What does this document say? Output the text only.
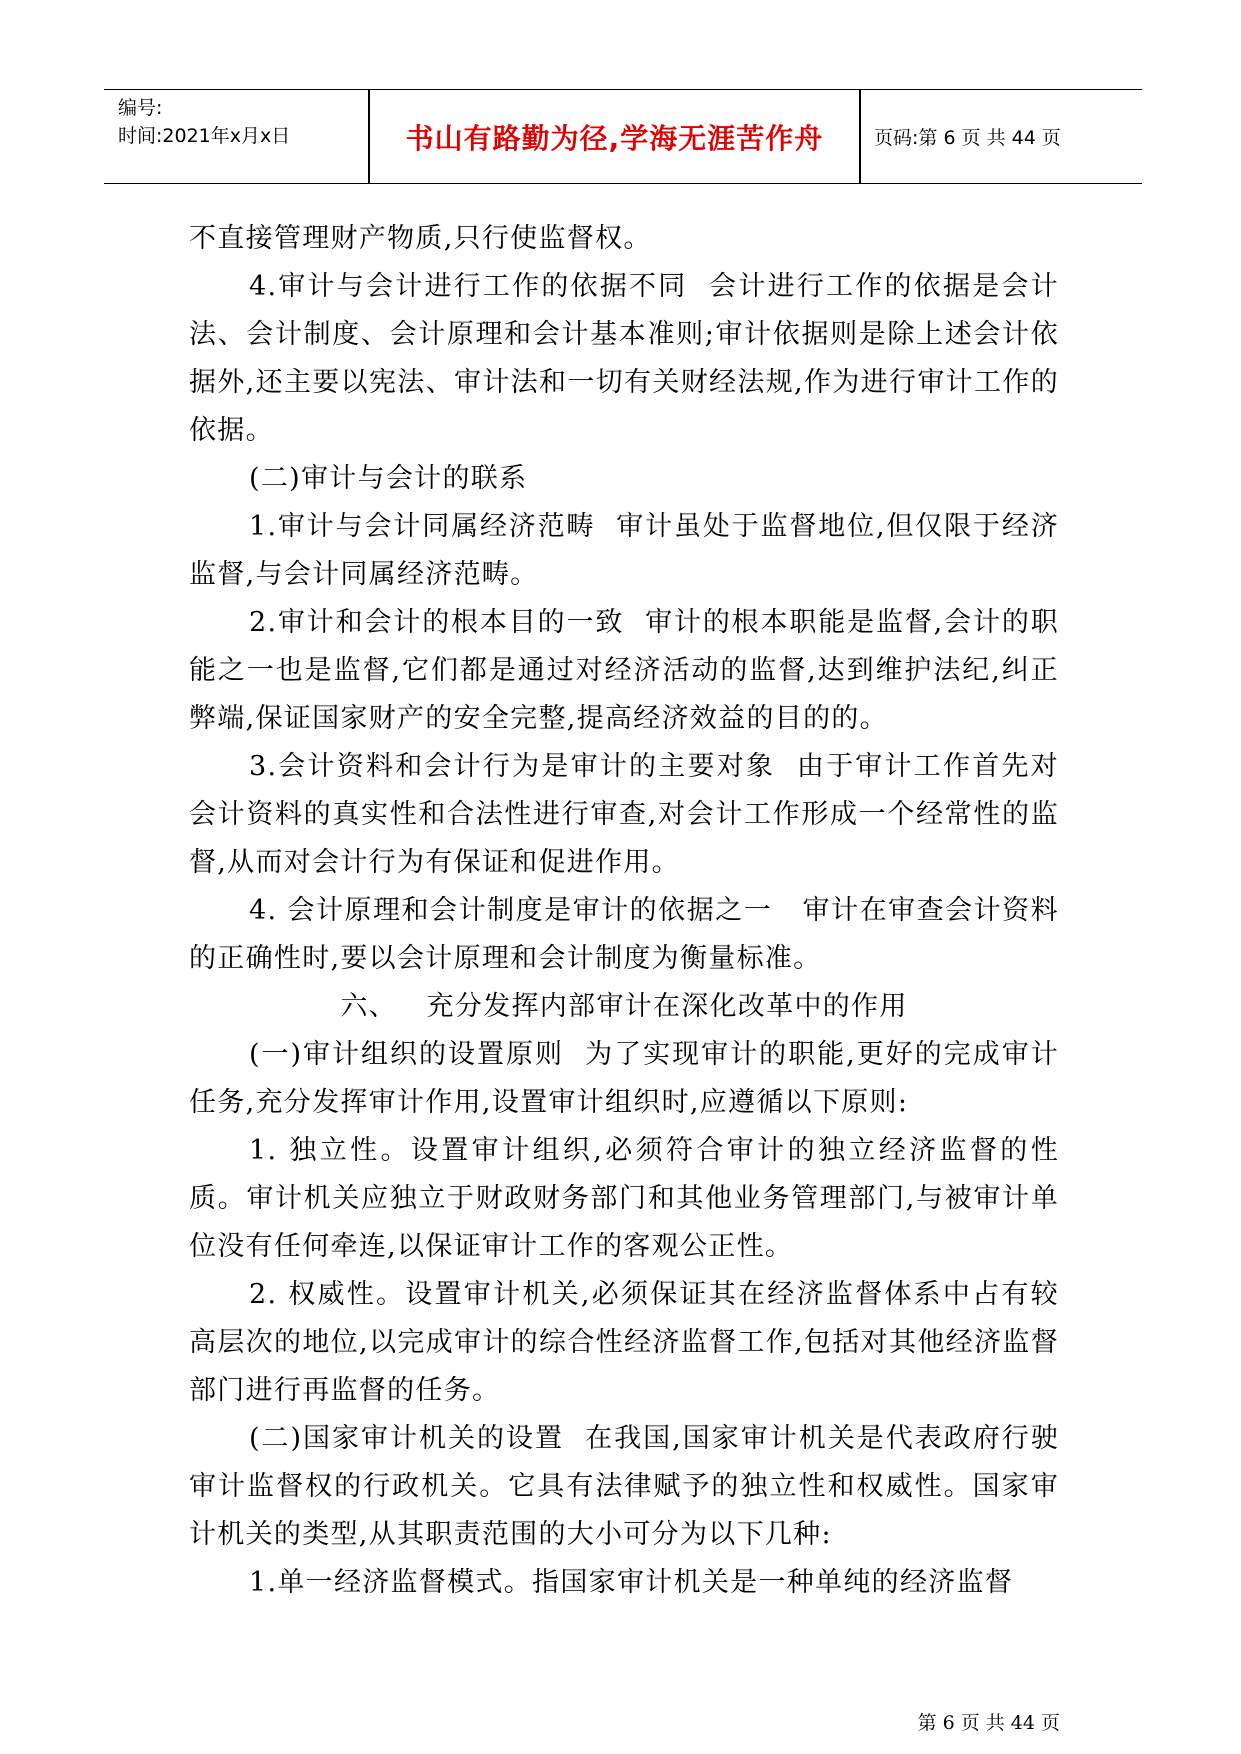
编号:
时间:2021年x月x日	书山有路勤为径,学海无涯苦作舟	页码:第 6 页 共 44 页

不直接管理财产物质,只行使监督权。

4.审计与会计进行工作的依据不同  会计进行工作的依据是会计法、会计制度、会计原理和会计基本准则;审计依据则是除上述会计依据外,还主要以宪法、审计法和一切有关财经法规,作为进行审计工作的依据。

(二)审计与会计的联系

1.审计与会计同属经济范畴  审计虽处于监督地位,但仅限于经济监督,与会计同属经济范畴。

2.审计和会计的根本目的一致  审计的根本职能是监督,会计的职能之一也是监督,它们都是通过对经济活动的监督,达到维护法纪,纠正弊端,保证国家财产的安全完整,提高经济效益的目的的。

3.会计资料和会计行为是审计的主要对象  由于审计工作首先对会计资料的真实性和合法性进行审查,对会计工作形成一个经常性的监督,从而对会计行为有保证和促进作用。

4. 会计原理和会计制度是审计的依据之一   审计在审查会计资料的正确性时,要以会计原理和会计制度为衡量标准。

六、   充分发挥内部审计在深化改革中的作用

(一)审计组织的设置原则  为了实现审计的职能,更好的完成审计任务,充分发挥审计作用,设置审计组织时,应遵循以下原则:

1. 独立性。设置审计组织,必须符合审计的独立经济监督的性质。审计机关应独立于财政财务部门和其他业务管理部门,与被审计单位没有任何牵连,以保证审计工作的客观公正性。

2. 权威性。设置审计机关,必须保证其在经济监督体系中占有较高层次的地位,以完成审计的综合性经济监督工作,包括对其他经济监督部门进行再监督的任务。

(二)国家审计机关的设置  在我国,国家审计机关是代表政府行驶审计监督权的行政机关。它具有法律赋予的独立性和权威性。国家审计机关的类型,从其职责范围的大小可分为以下几种:

1.单一经济监督模式。指国家审计机关是一种单纯的经济监督

第 6 页 共 44 页
